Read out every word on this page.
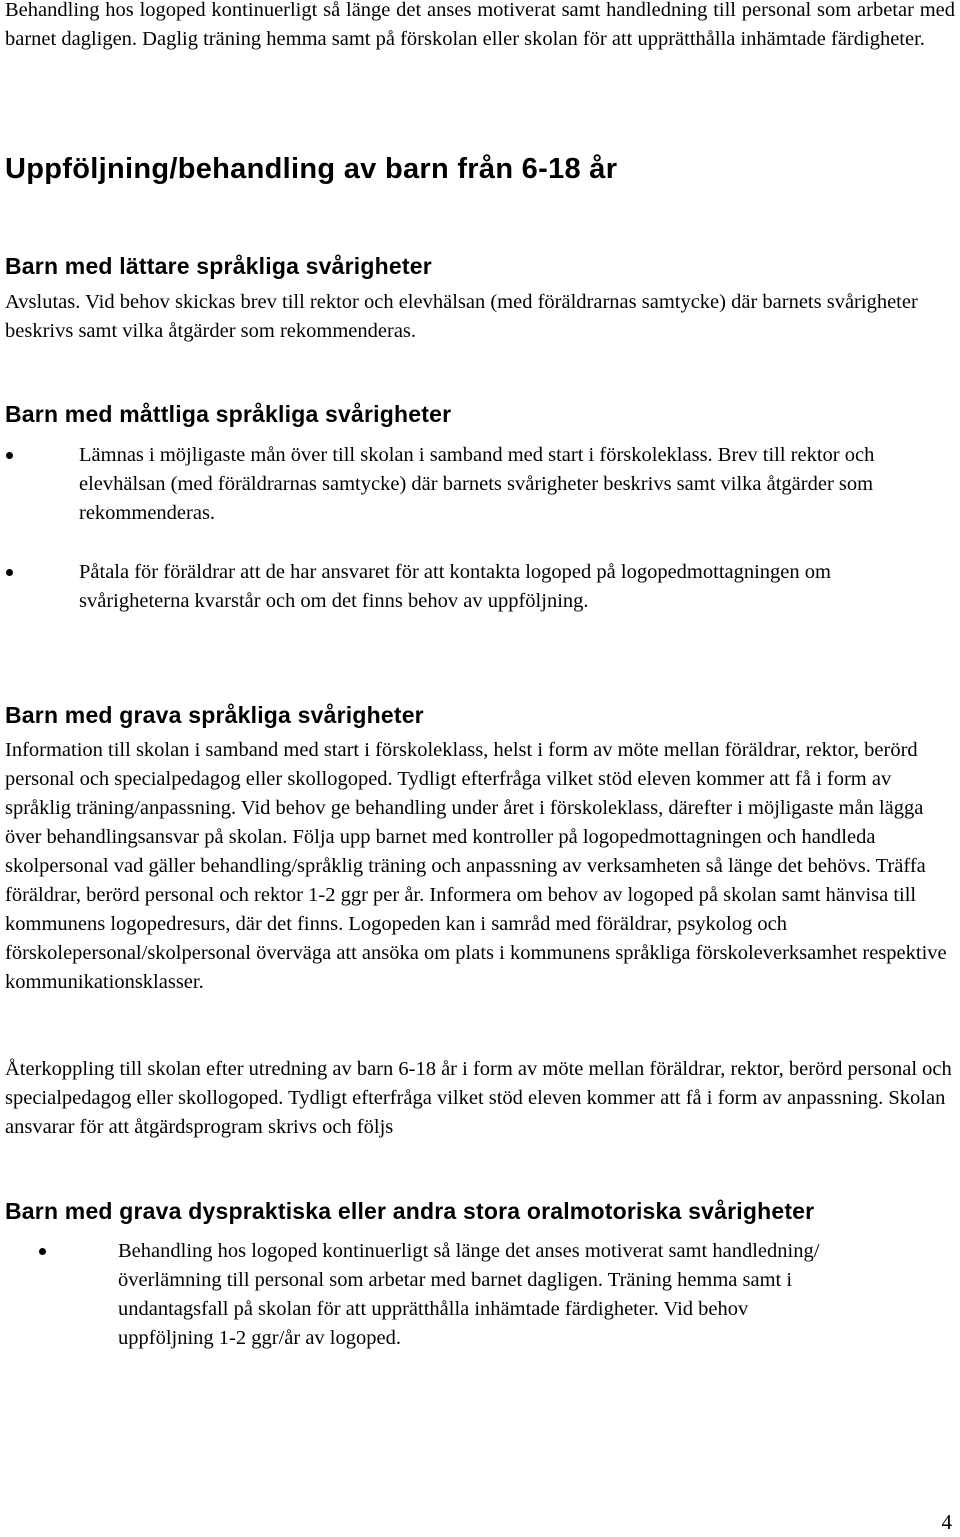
Behandling hos logoped kontinuerligt så länge det anses motiverat samt handledning till personal som arbetar med barnet dagligen. Daglig träning hemma samt på förskolan eller skolan för att upprätthålla inhämtade färdigheter.

Uppföljning/behandling av barn från 6-18 år
Barn med lättare språkliga svårigheter

Avslutas. Vid behov skickas brev till rektor och elevhälsan (med föräldrarnas samtycke) där barnets svårigheter beskrivs samt vilka åtgärder som rekommenderas.

Barn med måttliga språkliga svårigheter

Lämnas i möjligaste mån över till skolan i samband med start i förskoleklass. Brev till rektor och elevhälsan (med föräldrarnas samtycke) där barnets svårigheter beskrivs samt vilka åtgärder som rekommenderas.

Påtala för föräldrar att de har ansvaret för att kontakta logoped på logopedmottagningen om svårigheterna kvarstår och om det finns behov av uppföljning.

Barn med grava språkliga svårigheter

Information till skolan i samband med start i förskoleklass, helst i form av möte mellan föräldrar, rektor, berörd personal och specialpedagog eller skollogoped. Tydligt efterfråga vilket stöd eleven kommer att få i form av språklig träning/anpassning. Vid behov ge behandling under året i förskoleklass, därefter i möjligaste mån lägga över behandlingsansvar på skolan. Följa upp barnet med kontroller på logopedmottagningen och handleda skolpersonal vad gäller behandling/språklig träning och anpassning av verksamheten så länge det behövs. Träffa föräldrar, berörd personal och rektor 1-2 ggr per år. Informera om behov av logoped på skolan samt hänvisa till kommunens logopedresurs, där det finns. Logopeden kan i samråd med föräldrar, psykolog och förskolepersonal/skolpersonal överväga att ansöka om plats i kommunens språkliga förskoleverksamhet respektive kommunikationsklasser.

Återkoppling till skolan efter utredning av barn 6-18 år i form av möte mellan föräldrar, rektor, berörd personal och specialpedagog eller skollogoped. Tydligt efterfråga vilket stöd eleven kommer att få i form av anpassning. Skolan ansvarar för att åtgärdsprogram skrivs och följs

Barn med grava dyspraktiska eller andra stora oralmotoriska svårigheter

Behandling hos logoped kontinuerligt så länge det anses motiverat samt handledning/överlämning till personal som arbetar med barnet dagligen. Träning hemma samt i undantagsfall på skolan för att upprätthålla inhämtade färdigheter. Vid behov uppföljning 1-2 ggr/år av logoped.

4
